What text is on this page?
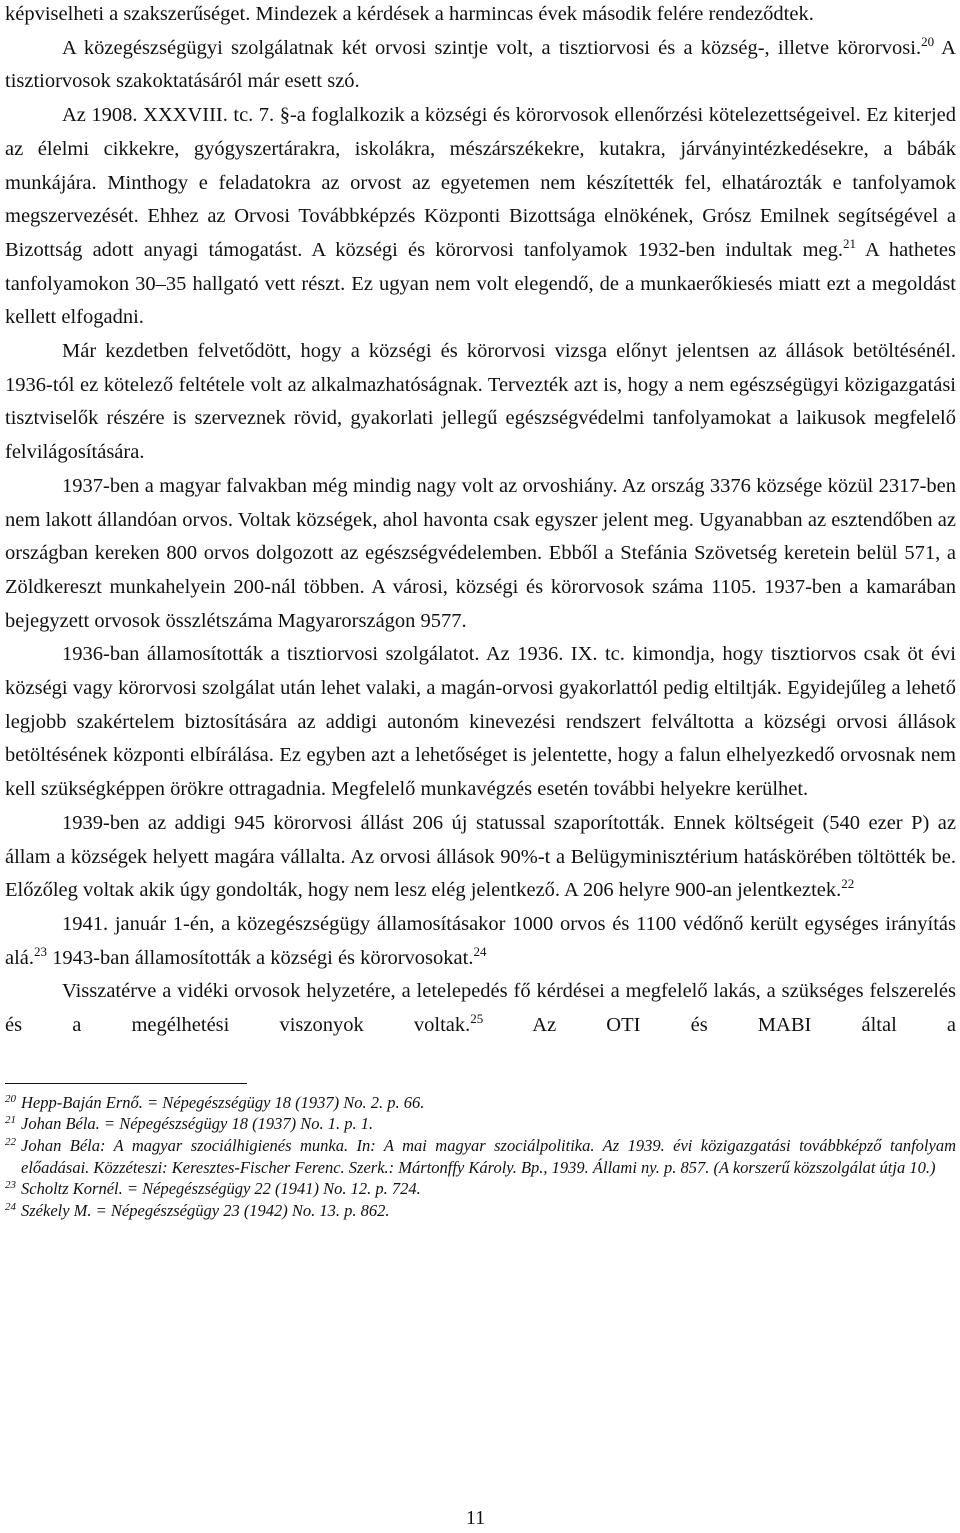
képviselheti a szakszerűséget. Mindezek a kérdések a harmincas évek második felére rendeződtek.

A közegészségügyi szolgálatnak két orvosi szintje volt, a tisztiorvosi és a község-, illetve körorvosi.$^{20}$ A tisztiorvosok szakoktatásáról már esett szó.

Az 1908. XXXVIII. tc. 7. §-a foglalkozik a községi és körorvosok ellenőrzési kötelezettségeivel. Ez kiterjed az élelmi cikkekre, gyógyszertárakra, iskolákra, mészárszékekre, kutakra, járványintézkedésekre, a bábák munkájára. Minthogy e feladatokra az orvost az egyetemen nem készítették fel, elhatározták e tanfolyamok megszervezését. Ehhez az Orvosi Továbbképzés Központi Bizottsága elnökének, Grósz Emilnek segítségével a Bizottság adott anyagi támogatást. A községi és körorvosi tanfolyamok 1932-ben indultak meg.$^{21}$ A hathetes tanfolyamokon 30–35 hallgató vett részt. Ez ugyan nem volt elegendő, de a munkaerőkiesés miatt ezt a megoldást kellett elfogadni.

Már kezdetben felvetődött, hogy a községi és körorvosi vizsga előnyt jelentsen az állások betöltésénél. 1936-tól ez kötelező feltétele volt az alkalmazhatóságnak. Tervezték azt is, hogy a nem egészségügyi közigazgatási tisztviselők részére is szerveznek rövid, gyakorlati jellegű egészségvédelmi tanfolyamokat a laikusok megfelelő felvilágosítására.

1937-ben a magyar falvakban még mindig nagy volt az orvoshiány. Az ország 3376 községe közül 2317-ben nem lakott állandóan orvos. Voltak községek, ahol havonta csak egyszer jelent meg. Ugyanabban az esztendőben az országban kereken 800 orvos dolgozott az egészségvédelemben. Ebből a Stefánia Szövetség keretein belül 571, a Zöldkereszt munkahelyein 200-nál többen. A városi, községi és körorvosok száma 1105. 1937-ben a kamarában bejegyzett orvosok összlétszáma Magyarországon 9577.

1936-ban államosították a tisztiorvosi szolgálatot. Az 1936. IX. tc. kimondja, hogy tisztiorvos csak öt évi községi vagy körorvosi szolgálat után lehet valaki, a magán-orvosi gyakorlattól pedig eltiltják. Egyidejűleg a lehető legjobb szakértelem biztosítására az addigi autonóm kinevezési rendszert felváltotta a községi orvosi állások betöltésének központi elbírálása. Ez egyben azt a lehetőséget is jelentette, hogy a falun elhelyezkedő orvosnak nem kell szükségképpen örökre ottragadnia. Megfelelő munkavégzés esetén további helyekre kerülhet.

1939-ben az addigi 945 körorvosi állást 206 új statussal szaporították. Ennek költségeit (540 ezer P) az állam a községek helyett magára vállalta. Az orvosi állások 90%-t a Belügyminisztérium hatáskörében töltötték be. Előzőleg voltak akik úgy gondolták, hogy nem lesz elég jelentkező. A 206 helyre 900-an jelentkeztek.$^{22}$

1941. január 1-én, a közegészségügy államosításakor 1000 orvos és 1100 védőnő került egységes irányítás alá.$^{23}$ 1943-ban államosították a községi és körorvosokat.$^{24}$

Visszatérve a vidéki orvosok helyzetére, a letelepedés fő kérdései a megfelelő lakás, a szükséges felszerelés és a megélhetési viszonyok voltak.$^{25}$ Az OTI és MABI által a

$^{20}$ Hepp-Baján Ernő. = Népegészségügy 18 (1937) No. 2. p. 66.

$^{21}$ Johan Béla. = Népegészségügy 18 (1937) No. 1. p. 1.

$^{22}$ Johan Béla: A magyar szociálhigienés munka. In: A mai magyar szociálpolitika. Az 1939. évi közigazgatási továbbképző tanfolyam előadásai. Közzéteszi: Keresztes-Fischer Ferenc. Szerk.: Mártonffy Károly. Bp., 1939. Állami ny. p. 857. (A korszerű közszolgálat útja 10.)

$^{23}$ Scholtz Kornél. = Népegészségügy 22 (1941) No. 12. p. 724.

$^{24}$ Székely M. = Népegészségügy 23 (1942) No. 13. p. 862.

11
